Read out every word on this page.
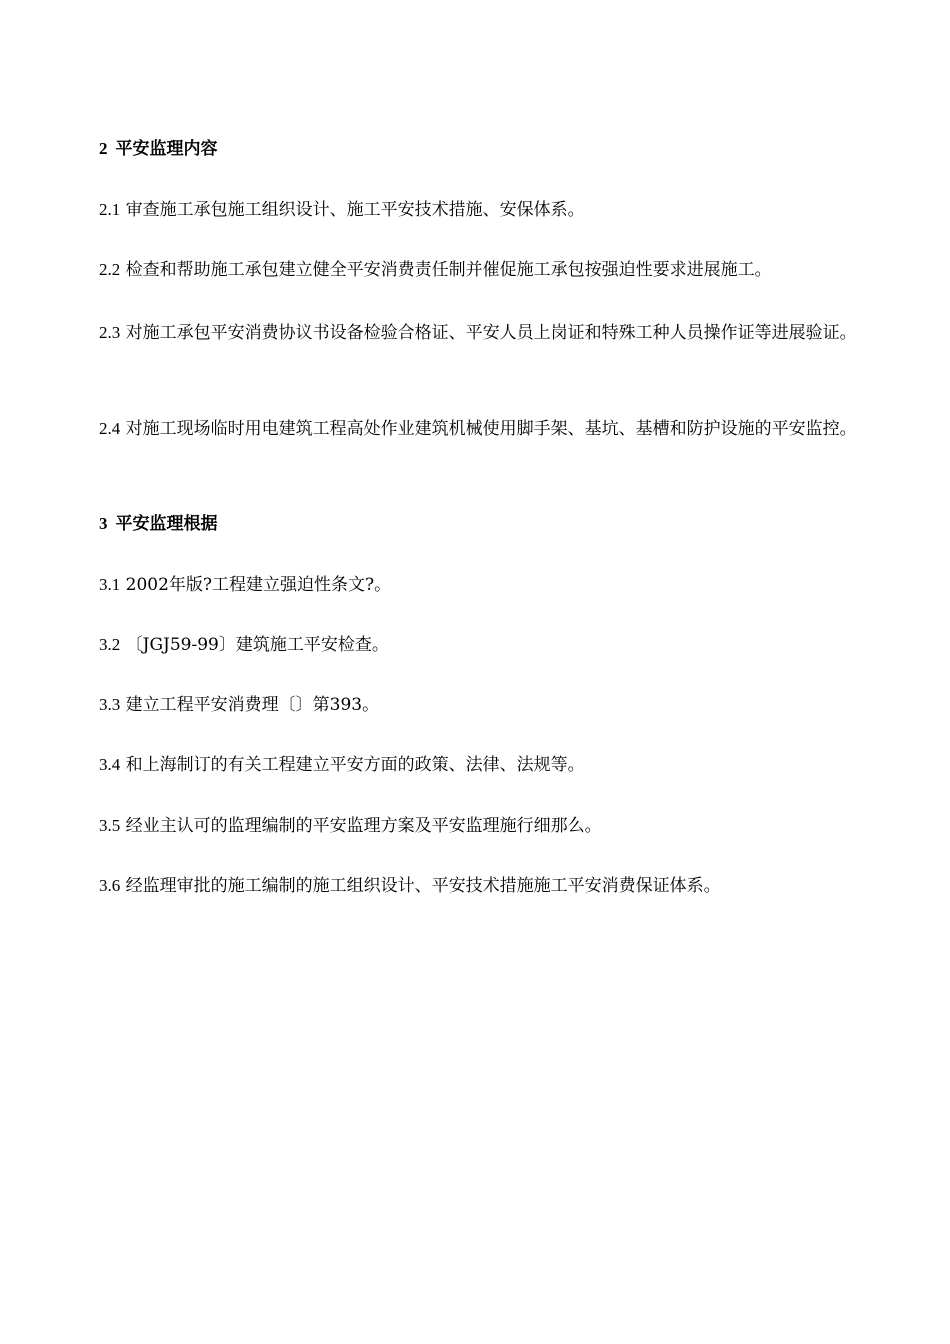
2 平安监理内容
2.1 审查施工承包施工组织设计、施工平安技术措施、安保体系。
2.2 检查和帮助施工承包建立健全平安消费责任制并催促施工承包按强迫性要求进展施工。
2.3 对施工承包平安消费协议书设备检验合格证、平安人员上岗证和特殊工种人员操作证等进展验证。
2.4 对施工现场临时用电建筑工程高处作业建筑机械使用脚手架、基坑、基槽和防护设施的平安监控。
3 平安监理根据
3.1 2002年版?工程建立强迫性条文?。
3.2 〔JGJ59-99〕建筑施工平安检查。
3.3 建立工程平安消费理〔〕第393。
3.4 和上海制订的有关工程建立平安方面的政策、法律、法规等。
3.5 经业主认可的监理编制的平安监理方案及平安监理施行细那么。
3.6 经监理审批的施工编制的施工组织设计、平安技术措施施工平安消费保证体系。
